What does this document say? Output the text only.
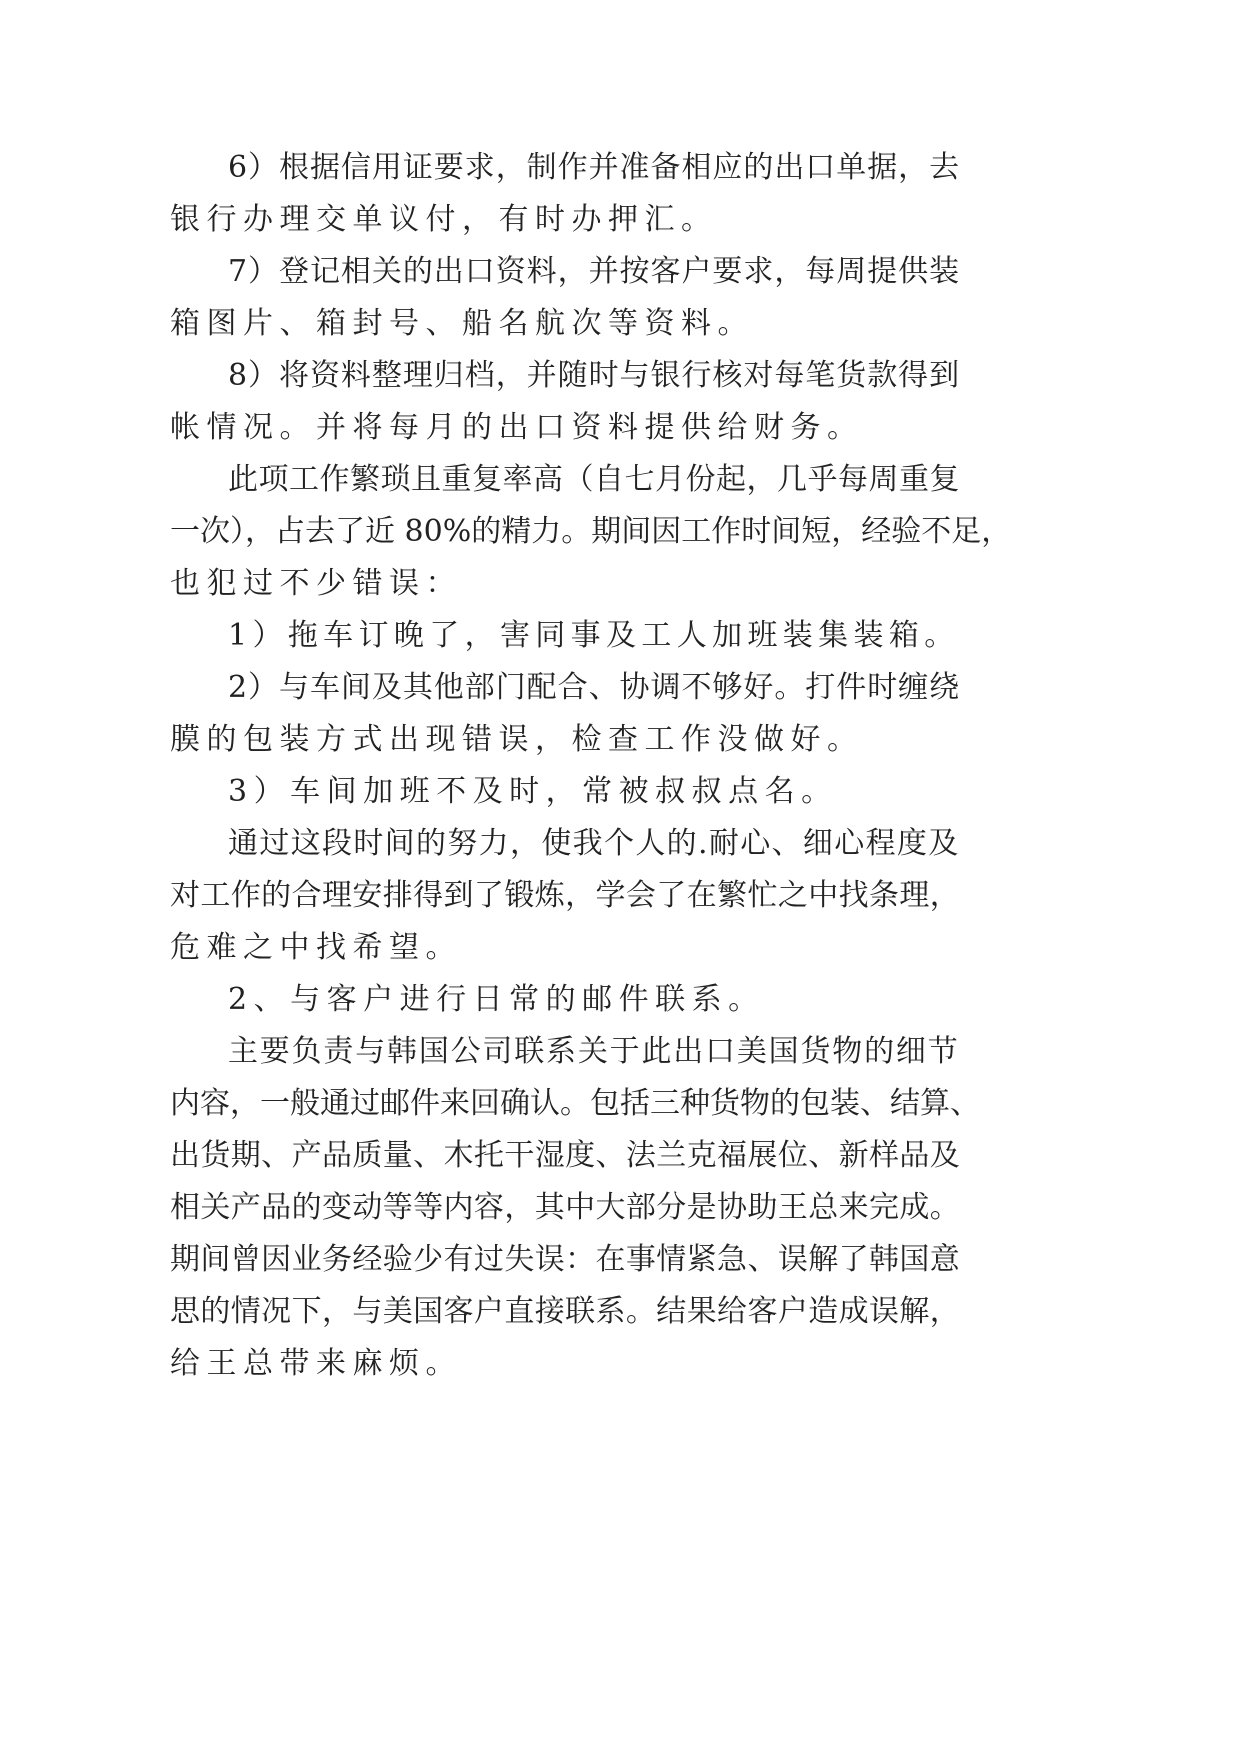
6）根据信用证要求，制作并准备相应的出口单据，去
银行办理交单议付，有时办押汇。
7）登记相关的出口资料，并按客户要求，每周提供装
箱图片、箱封号、船名航次等资料。
8）将资料整理归档，并随时与银行核对每笔货款得到
帐情况。并将每月的出口资料提供给财务。
此项工作繁琐且重复率高（自七月份起，几乎每周重复
一次），占去了近 80%的精力。期间因工作时间短，经验不足，
也犯过不少错误：
1）拖车订晚了，害同事及工人加班装集装箱。
2）与车间及其他部门配合、协调不够好。打件时缠绕
膜的包装方式出现错误，检查工作没做好。
3）车间加班不及时，常被叔叔点名。
通过这段时间的努力，使我个人的.耐心、细心程度及
对工作的合理安排得到了锻炼，学会了在繁忙之中找条理，
危难之中找希望。
2、与客户进行日常的邮件联系。
主要负责与韩国公司联系关于此出口美国货物的细节
内容，一般通过邮件来回确认。包括三种货物的包装、结算、
出货期、产品质量、木托干湿度、法兰克福展位、新样品及
相关产品的变动等等内容，其中大部分是协助王总来完成。
期间曾因业务经验少有过失误：在事情紧急、误解了韩国意
思的情况下，与美国客户直接联系。结果给客户造成误解，
给王总带来麻烦。
